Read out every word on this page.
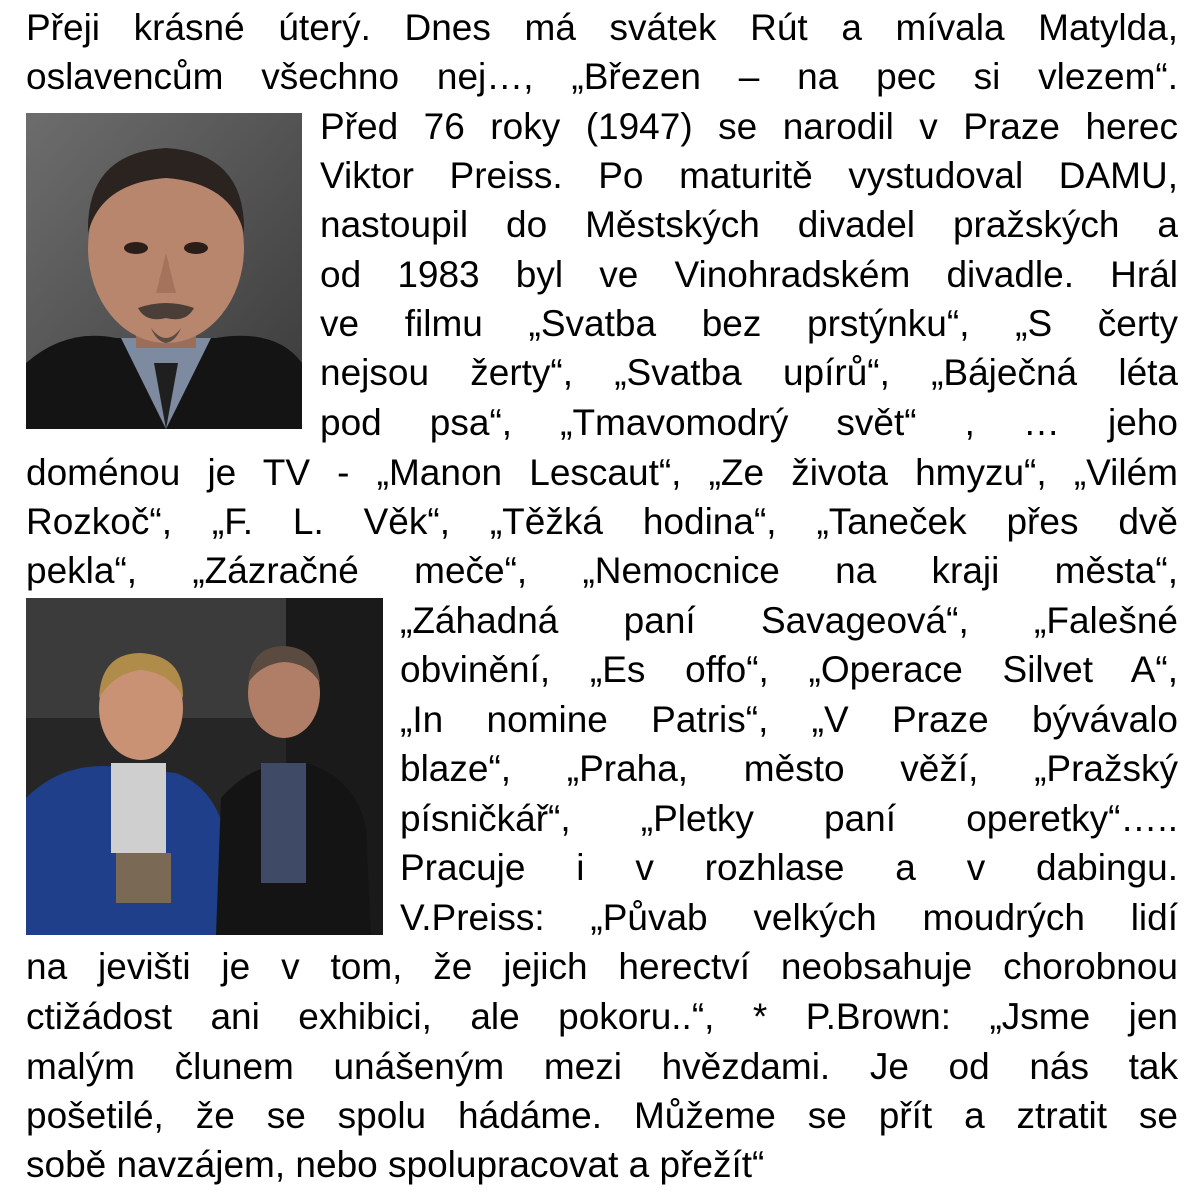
Přeji krásné úterý. Dnes má svátek Rút a mívala Matylda,
oslavencům všechno nej…, „Březen – na pec si vlezem“.
Před 76 roky (1947) se narodil v Praze herec
Viktor Preiss. Po maturitě vystudoval DAMU,
nastoupil do Městských divadel pražských a
od 1983 byl ve Vinohradském divadle. Hrál
ve filmu „Svatba bez prstýnku“, „S čerty
nejsou žerty“, „Svatba upírů“, „Báječná léta
pod psa“, „Tmavomodrý svět“ , … jeho
doménou je TV - „Manon Lescaut“, „Ze života hmyzu“, „Vilém
Rozkoč“, „F. L. Věk“, „Těžká hodina“, „Taneček přes dvě
pekla“, „Zázračné meče“, „Nemocnice na kraji města“,
„Záhadná paní Savageová“, „Falešné
obvinění, „Es offo“, „Operace Silvet A“,
„In nomine Patris“, „V Praze bývávalo
blaze“, „Praha, město věží, „Pražský
písničkář“, „Pletky paní operetky“…..
Pracuje i v rozhlase a v dabingu.
V.Preiss: „Půvab velkých moudrých lidí
na jevišti je v tom, že jejich herectví neobsahuje chorobnou
ctižádost ani exhibici, ale pokoru..“, * P.Brown: „Jsme jen
malým člunem unášeným mezi hvězdami. Je od nás tak
pošetilé, že se spolu hádáme. Můžeme se přít a ztratit se
sobě navzájem, nebo spolupracovat a přežít“
